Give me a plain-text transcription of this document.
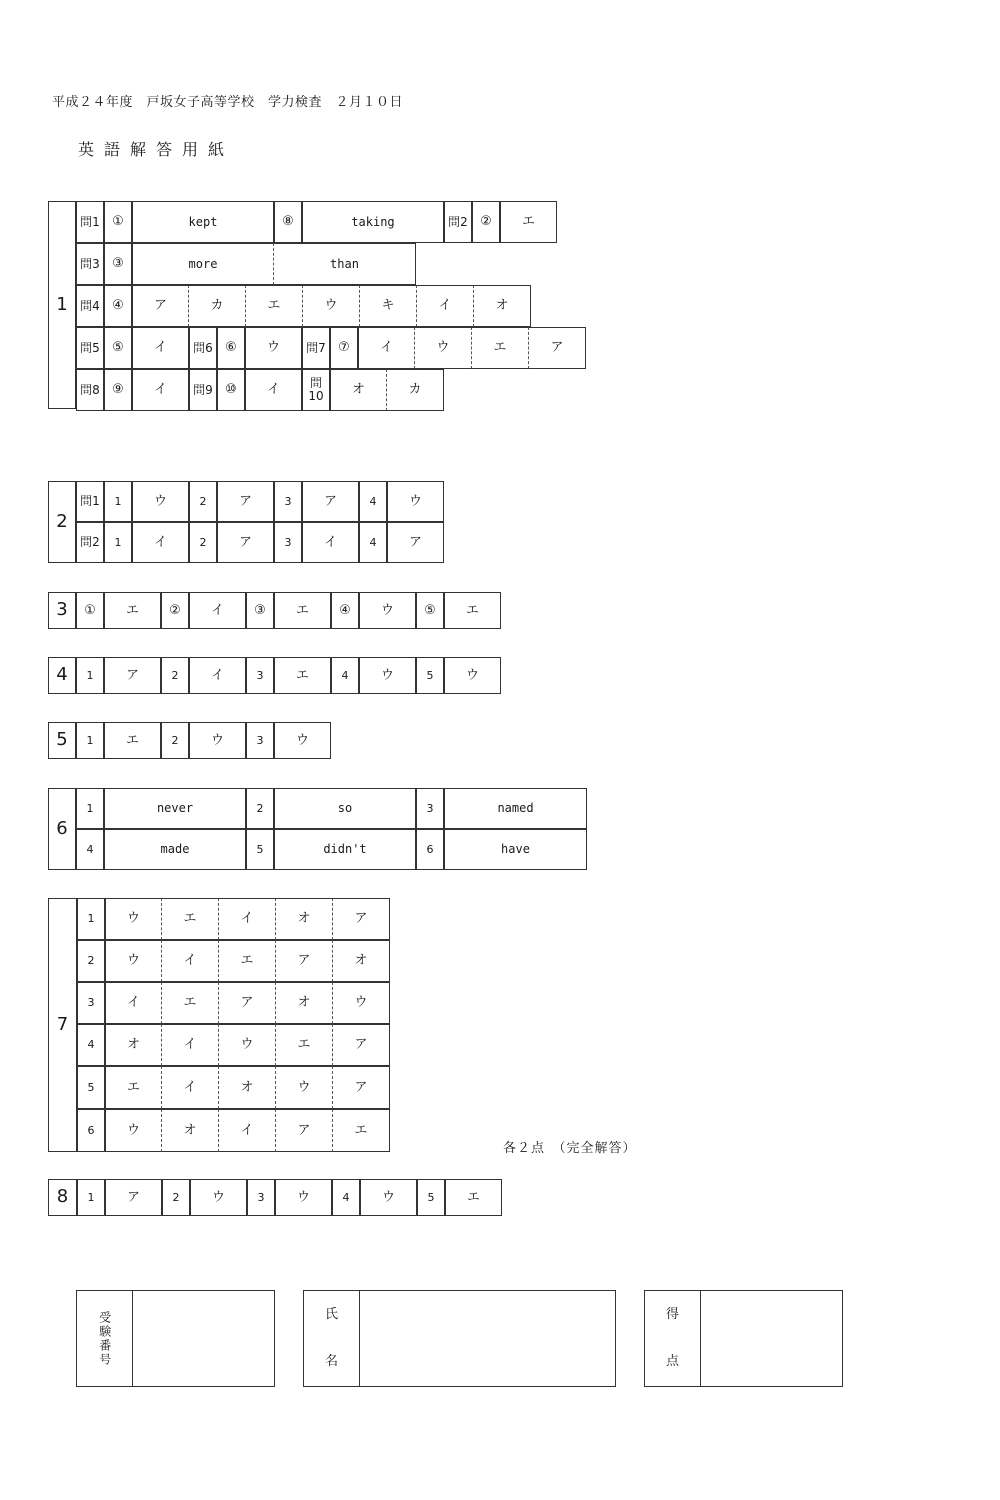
平成２４年度　戸坂女子高等学校　学力検査　２月１０日
英語解答用紙
1
問1 ①	kept	⑧	taking	問2 ②	エ
問3 ③	more	than
問4 ④	ア	カ	エ	ウ	キ	イ	オ
問5 ⑤	イ	問6 ⑥	ウ	問7 ⑦	イ	ウ	エ	ア
問8 ⑨	イ	問9 ⑩	イ	問10	オ	カ
2
問1
問2
1	ウ	2	ア	3	ア	4	ウ
1	イ	2	ア	3	イ	4	ア
3	①	エ	②	イ	③	エ	④	ウ	⑤	エ
4	1	ア	2	イ	3	エ	4	ウ	5	ウ
5	1	エ	2	ウ	3	ウ
6
1	never	2	so	3	named
4	made	5	didn't	6	have
7
1	ウ	エ	イ	オ	ア
2	ウ	イ	エ	ア	オ
3	イ	エ	ア	オ	ウ
4	オ	イ	ウ	エ	ア
5	エ	イ	オ	ウ	ア
6	ウ	オ	イ	ア	エ
各２点　（完全解答）
8	1	ア	2	ウ	3	ウ	4	ウ	5	エ
受験番号	氏
名
得
点
